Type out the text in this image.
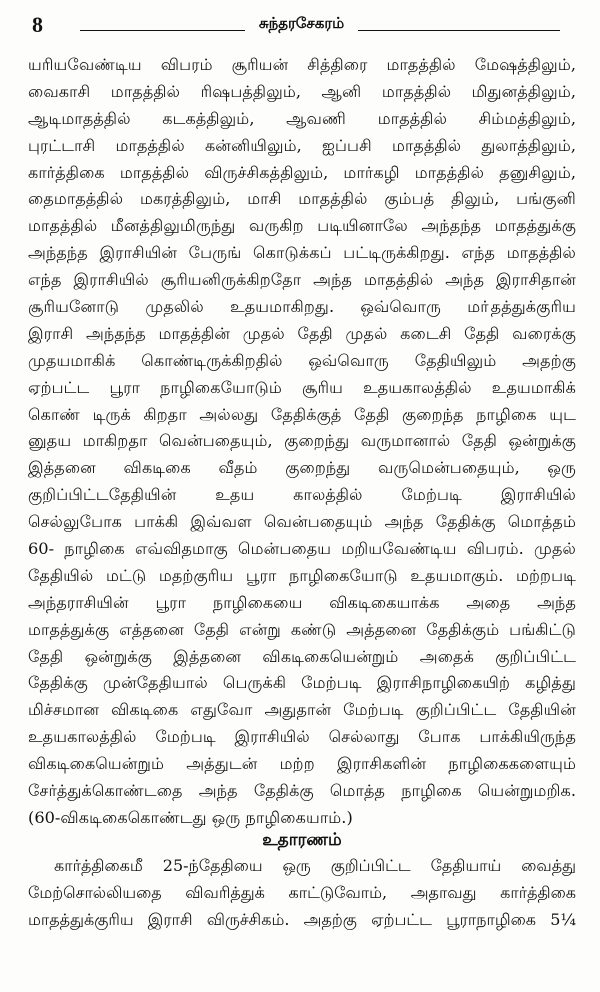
8	சுந்தரசேகரம்
யரியவேண்டிய விபரம் சூரியன் சித்திரை மாதத்தில் மேஷத்திலும்,
வைகாசி மாதத்தில் ரிஷபத்திலும், ஆனி மாதத்தில் மிதுனத்திலும்,
ஆடிமாதத்தில் கடகத்திலும், ஆவணி மாதத்தில் சிம்மத்திலும்,
புரட்டாசி மாதத்தில் கன்னியிலும், ஐப்பசி மாதத்தில் துலாத்திலும்,
கார்த்திகை மாதத்தில் விருச்சிகத்திலும், மார்கழி மாதத்தில் தனுசிலும்,
தைமாதத்தில் மகரத்திலும், மாசி மாதத்தில் கும்பத் திலும், பங்குனி
மாதத்தில் மீனத்திலுமிருந்து வருகிற படியினாலே அந்தந்த மாதத்துக்கு
அந்தந்த இராசியின் பேருங் கொடுக்கப் பட்டிருக்கிறது. எந்த மாதத்தில்
எந்த இராசியில் சூரியனிருக்கிறதோ அந்த மாதத்தில் அந்த இராசிதான்
சூரியனோடு முதலில் உதயமாகிறது. ஒவ்வொரு மா்தத்துக்குரிய
இராசி அந்தந்த மாதத்தின் முதல் தேதி முதல் கடைசி தேதி வரைக்கு
முதயமாகிக் கொண்டிருக்கிறதில் ஒவ்வொரு தேதியிலும் அதற்கு
ஏற்பட்ட பூரா நாழிகையோடும் சூரிய உதயகாலத்தில் உதயமாகிக்
கொண் டிருக் கிறதா அல்லது தேதிக்குத் தேதி குறைந்த நாழிகை யுட
னுதய மாகிறதா வென்பதையும், குறைந்து வருமானால் தேதி ஒன்றுக்கு
இத்தனை விகடிகை வீதம் குறைந்து வருமென்பதையும், ஒரு
குறிப்பிட்டதேதியின் உதய காலத்தில் மேற்படி இராசியில்
செல்லுபோக பாக்கி இவ்வள வென்பதையும் அந்த தேதிக்கு மொத்தம்
60- நாழிகை எவ்விதமாகு மென்பதைய மறியவேண்டிய விபரம். முதல்
தேதியில் மட்டு மதற்குரிய பூரா நாழிகையோடு உதயமாகும். மற்றபடி
அந்தராசியின் பூரா நாழிகையை விகடிகையாக்க அதை அந்த
மாதத்துக்கு எத்தனை தேதி என்று கண்டு அத்தனை தேதிக்கும் பங்கிட்டு
தேதி ஒன்றுக்கு இத்தனை விகடிகையென்றும் அதைக் குறிப்பிட்ட
தேதிக்கு முன்தேதியால் பெருக்கி மேற்படி இராசிநாழிகையிற் கழித்து
மிச்சமான விகடிகை எதுவோ அதுதான் மேற்படி குறிப்பிட்ட தேதியின்
உதயகாலத்தில் மேற்படி இராசியில் செல்லாது போக பாக்கியிருந்த
விகடிகையென்றும் அத்துடன் மற்ற இராசிகளின் நாழிகைகளையும்
சேர்த்துக்கொண்டதை அந்த தேதிக்கு மொத்த நாழிகை யென்றுமறிக.
(60-விகடிகைகொண்டது ஒரு நாழிகையாம்.)
உதாரணம்
கார்த்திகைமீ 25-ந்தேதியை ஒரு குறிப்பிட்ட தேதியாய் வைத்து
மேற்சொல்லியதை விவரித்துக் காட்டுவோம், அதாவது கார்த்திகை
மாதத்துக்குரிய இராசி விருச்சிகம். அதற்கு ஏற்பட்ட பூராநாழிகை 5¼
